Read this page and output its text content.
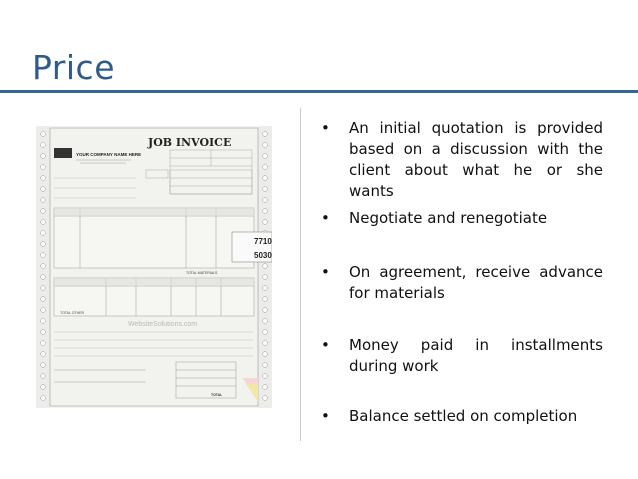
Price
JOB INVOICE
YOUR COMPANY NAME HERE
TOTAL MATERIALS
7710
5030
TOTAL OTHER
WebsiteSolutions.com
TOTAL
• An initial quotation is provided based on a discussion with the client about what he or she wants
• Negotiate and renegotiate
• On agreement, receive advance for materials
• Money paid in installments during work
• Balance settled on completion
